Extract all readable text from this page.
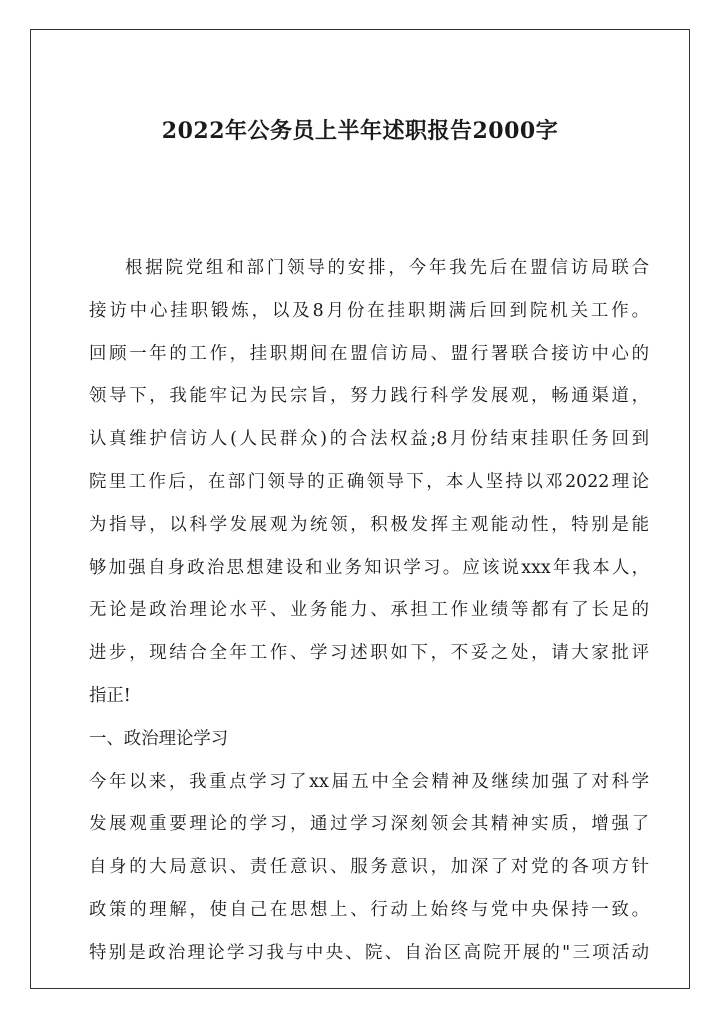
2022年公务员上半年述职报告2000字
根据院党组和部门领导的安排，今年我先后在盟信访局联合
接访中心挂职锻炼，以及8月份在挂职期满后回到院机关工作。
回顾一年的工作，挂职期间在盟信访局、盟行署联合接访中心的
领导下，我能牢记为民宗旨，努力践行科学发展观，畅通渠道，
认真维护信访人(人民群众)的合法权益;8月份结束挂职任务回到
院里工作后，在部门领导的正确领导下，本人坚持以邓2022理论
为指导，以科学发展观为统领，积极发挥主观能动性，特别是能
够加强自身政治思想建设和业务知识学习。应该说xxx年我本人，
无论是政治理论水平、业务能力、承担工作业绩等都有了长足的
进步，现结合全年工作、学习述职如下，不妥之处，请大家批评
指正!
一、政治理论学习
今年以来，我重点学习了xx届五中全会精神及继续加强了对科学
发展观重要理论的学习，通过学习深刻领会其精神实质，增强了
自身的大局意识、责任意识、服务意识，加深了对党的各项方针
政策的理解，使自己在思想上、行动上始终与党中央保持一致。
特别是政治理论学习我与中央、院、自治区高院开展的"三项活动
